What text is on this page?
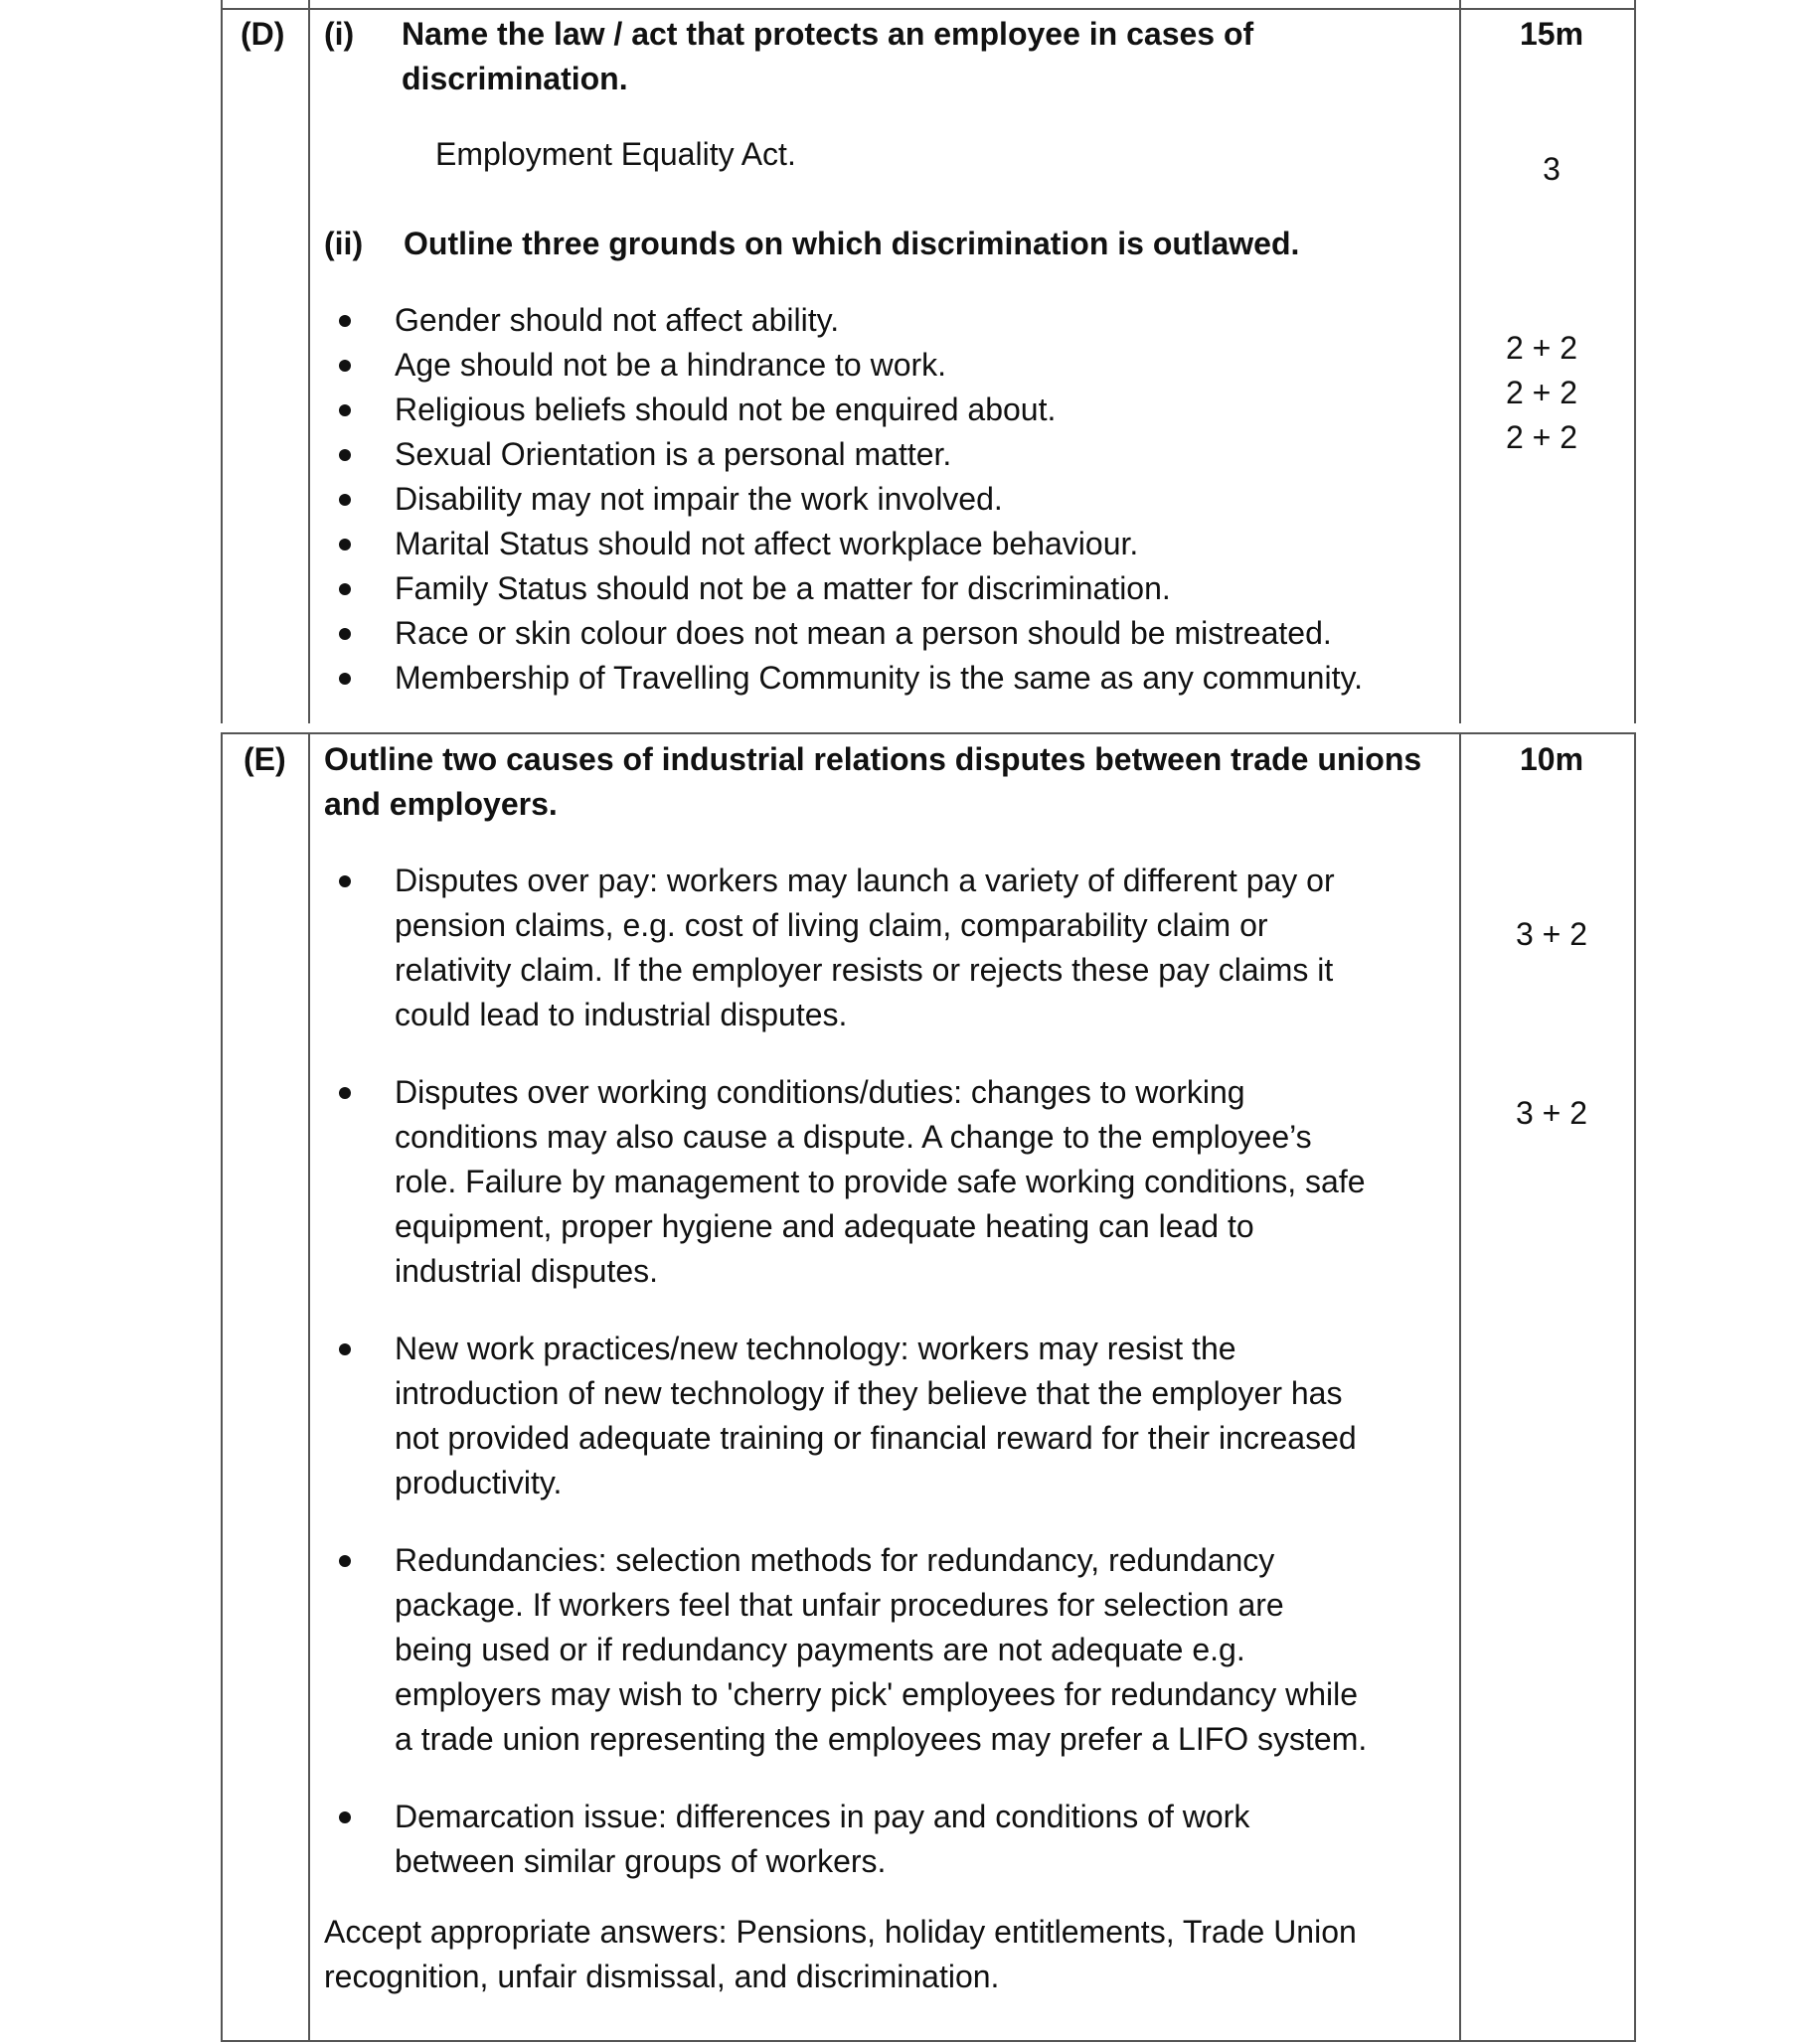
(D) (i) Name the law / act that protects an employee in cases of
discrimination.
15m
Employment Equality Act.	3
(ii) Outline three grounds on which discrimination is outlawed.
Gender should not affect ability.
Age should not be a hindrance to work.
Religious beliefs should not be enquired about.
Sexual Orientation is a personal matter.
Disability may not impair the work involved.
Marital Status should not affect workplace behaviour.
Family Status should not be a matter for discrimination.
Race or skin colour does not mean a person should be mistreated.
Membership of Travelling Community is the same as any community.
2 + 2
2 + 2
2 + 2
(E) Outline two causes of industrial relations disputes between trade unions
and employers.
10m
Disputes over pay: workers may launch a variety of different pay or
pension claims, e.g. cost of living claim, comparability claim or
relativity claim. If the employer resists or rejects these pay claims it
could lead to industrial disputes.
Disputes over working conditions/duties: changes to working
conditions may also cause a dispute. A change to the employee’s
role. Failure by management to provide safe working conditions, safe
equipment, proper hygiene and adequate heating can lead to
industrial disputes.
New work practices/new technology: workers may resist the
introduction of new technology if they believe that the employer has
not provided adequate training or financial reward for their increased
productivity.
Redundancies: selection methods for redundancy, redundancy
package. If workers feel that unfair procedures for selection are
being used or if redundancy payments are not adequate e.g.
employers may wish to 'cherry pick' employees for redundancy while
a trade union representing the employees may prefer a LIFO system.
Demarcation issue: differences in pay and conditions of work
between similar groups of workers.
3 + 2
3 + 2
Accept appropriate answers: Pensions, holiday entitlements, Trade Union
recognition, unfair dismissal, and discrimination.
